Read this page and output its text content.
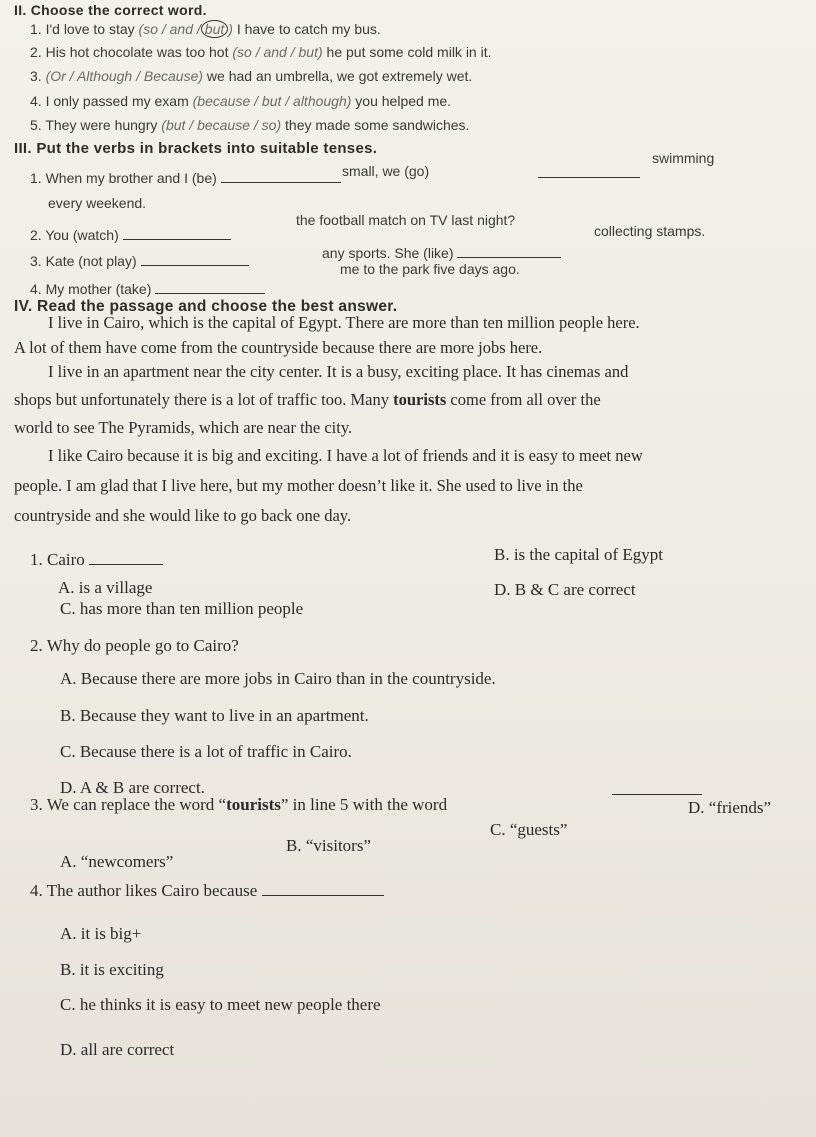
II. Choose the correct word.
1. I'd love to stay (so / and / but ) I have to catch my bus.
2. His hot chocolate was too hot (so / and / but) he put some cold milk in it.
3. (Or / Although / Because) we had an umbrella, we got extremely wet.
4. I only passed my exam (because / but / although) you helped me.
5. They were hungry (but / because / so) they made some sandwiches.
III. Put the verbs in brackets into suitable tenses.
1. When my brother and I (be)	small, we (go)
swimming
every weekend.
2. You (watch)
the football match on TV last night?
3. Kate (not play)	any sports. She (like)
collecting stamps.
4. My mother (take)
me to the park five days ago.
IV. Read the passage and choose the best answer.
I live in Cairo, which is the capital of Egypt. There are more than ten million people here.
A lot of them have come from the countryside because there are more jobs here.
I live in an apartment near the city center. It is a busy, exciting place. It has cinemas and
shops but unfortunately there is a lot of traffic too. Many tourists come from all over the
world to see The Pyramids, which are near the city.
I like Cairo because it is big and exciting. I have a lot of friends and it is easy to meet new
people. I am glad that I live here, but my mother doesn’t like it. She used to live in the
countryside and she would like to go back one day.
1. Cairo	B. is the capital of Egypt
A. is a village	D. B & C are correct
C. has more than ten million people
2. Why do people go to Cairo?
A. Because there are more jobs in Cairo than in the countryside.
B. Because they want to live in an apartment.
C. Because there is a lot of traffic in Cairo.
D. A & B are correct.
3. We can replace the word “tourists” in line 5 with the word	D. “friends”
A. “newcomers”
B. “visitors”
C. “guests”
4. The author likes Cairo because
A. it is big+
B. it is exciting
C. he thinks it is easy to meet new people there
D. all are correct
